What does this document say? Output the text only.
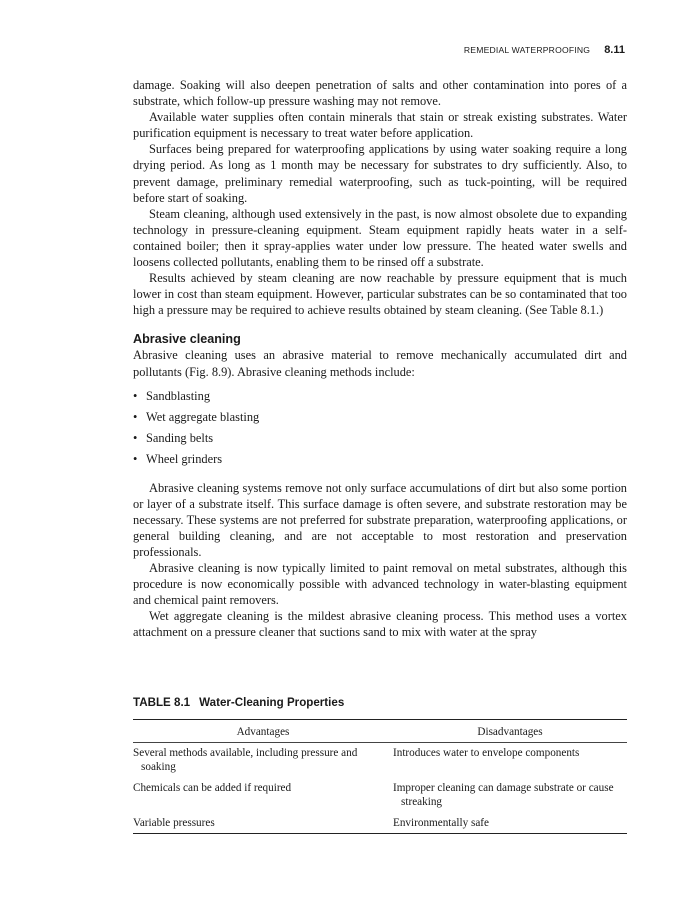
REMEDIAL WATERPROOFING 8.11

damage. Soaking will also deepen penetration of salts and other contamination into pores of a substrate, which follow-up pressure washing may not remove.

Available water supplies often contain minerals that stain or streak existing substrates. Water purification equipment is necessary to treat water before application.

Surfaces being prepared for waterproofing applications by using water soaking require a long drying period. As long as 1 month may be necessary for substrates to dry sufficiently. Also, to prevent damage, preliminary remedial waterproofing, such as tuck-pointing, will be required before start of soaking.

Steam cleaning, although used extensively in the past, is now almost obsolete due to expanding technology in pressure-cleaning equipment. Steam equipment rapidly heats water in a self-contained boiler; then it spray-applies water under low pressure. The heated water swells and loosens collected pollutants, enabling them to be rinsed off a substrate.

Results achieved by steam cleaning are now reachable by pressure equipment that is much lower in cost than steam equipment. However, particular substrates can be so contaminated that too high a pressure may be required to achieve results obtained by steam cleaning. (See Table 8.1.)

Abrasive cleaning

Abrasive cleaning uses an abrasive material to remove mechanically accumulated dirt and pollutants (Fig. 8.9). Abrasive cleaning methods include:

• Sandblasting
• Wet aggregate blasting
• Sanding belts
• Wheel grinders

Abrasive cleaning systems remove not only surface accumulations of dirt but also some portion or layer of a substrate itself. This surface damage is often severe, and substrate restoration may be necessary. These systems are not preferred for substrate preparation, waterproofing applications, or general building cleaning, and are not acceptable to most restoration and preservation professionals.

Abrasive cleaning is now typically limited to paint removal on metal substrates, although this procedure is now economically possible with advanced technology in water-blasting equipment and chemical paint removers.

Wet aggregate cleaning is the mildest abrasive cleaning process. This method uses a vortex attachment on a pressure cleaner that suctions sand to mix with water at the spray

TABLE 8.1 Water-Cleaning Properties
Advantages	Disadvantages

Several methods available, including pressure and soaking	Introduces water to envelope components

Chemicals can be added if required	Improper cleaning can damage substrate or cause streaking

Variable pressures	Environmentally safe
